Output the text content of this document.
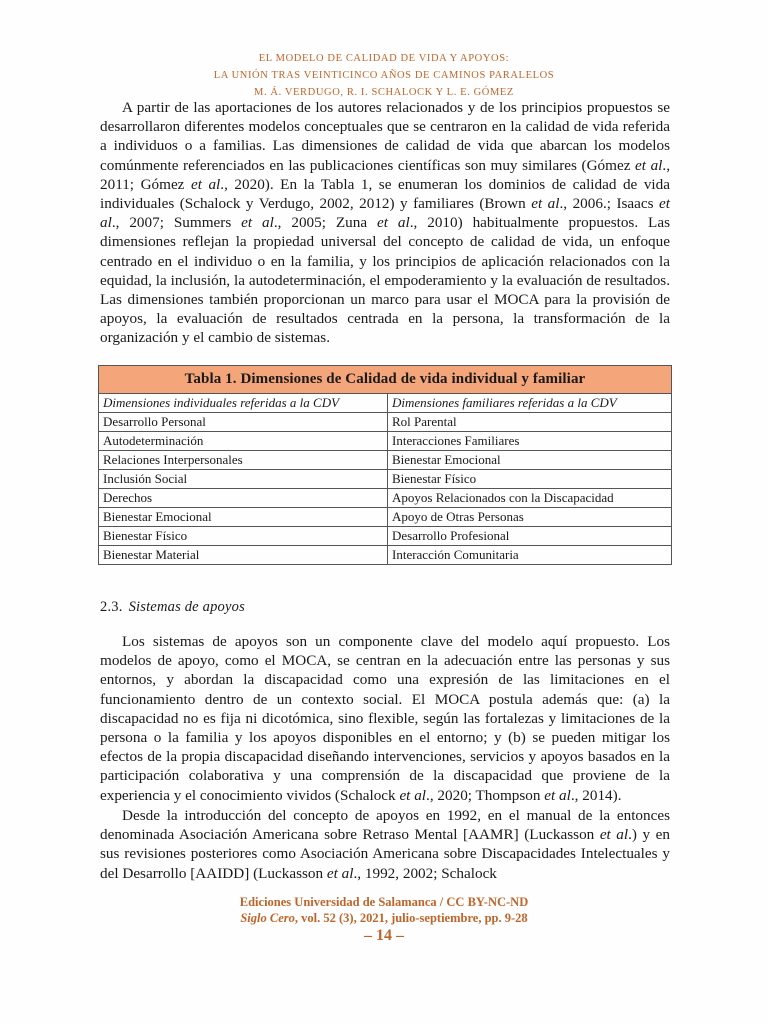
EL MODELO DE CALIDAD DE VIDA Y APOYOS:
LA UNIÓN TRAS VEINTICINCO AÑOS DE CAMINOS PARALELOS
M. Á. VERDUGO, R. I. SCHALOCK Y L. E. GÓMEZ

A partir de las aportaciones de los autores relacionados y de los principios propuestos se desarrollaron diferentes modelos conceptuales que se centraron en la calidad de vida referida a individuos o a familias. Las dimensiones de calidad de vida que abarcan los modelos comúnmente referenciados en las publicaciones científicas son muy similares (Gómez et al., 2011; Gómez et al., 2020). En la Tabla 1, se enumeran los dominios de calidad de vida individuales (Schalock y Verdugo, 2002, 2012) y familiares (Brown et al., 2006.; Isaacs et al., 2007; Summers et al., 2005; Zuna et al., 2010) habitualmente propuestos. Las dimensiones reflejan la propiedad universal del concepto de calidad de vida, un enfoque centrado en el individuo o en la familia, y los principios de aplicación relacionados con la equidad, la inclusión, la autodeterminación, el empoderamiento y la evaluación de resultados. Las dimensiones también proporcionan un marco para usar el MOCA para la provisión de apoyos, la evaluación de resultados centrada en la persona, la transformación de la organización y el cambio de sistemas.

Tabla 1. Dimensiones de Calidad de vida individual y familiar	
Dimensiones individuales referidas a la CDV	Dimensiones familiares referidas a la CDV
Desarrollo Personal	Rol Parental
Autodeterminación	Interacciones Familiares
Relaciones Interpersonales	Bienestar Emocional
Inclusión Social	Bienestar Físico
Derechos	Apoyos Relacionados con la Discapacidad
Bienestar Emocional	Apoyo de Otras Personas
Bienestar Físico	Desarrollo Profesional
Bienestar Material	Interacción Comunitaria
2.3. Sistemas de apoyos

Los sistemas de apoyos son un componente clave del modelo aquí propuesto. Los modelos de apoyo, como el MOCA, se centran en la adecuación entre las personas y sus entornos, y abordan la discapacidad como una expresión de las limitaciones en el funcionamiento dentro de un contexto social. El MOCA postula además que: (a) la discapacidad no es fija ni dicotómica, sino flexible, según las fortalezas y limitaciones de la persona o la familia y los apoyos disponibles en el entorno; y (b) se pueden mitigar los efectos de la propia discapacidad diseñando intervenciones, servicios y apoyos basados en la participación colaborativa y una comprensión de la discapacidad que proviene de la experiencia y el conocimiento vividos (Schalock et al., 2020; Thompson et al., 2014).

Desde la introducción del concepto de apoyos en 1992, en el manual de la entonces denominada Asociación Americana sobre Retraso Mental [AAMR] (Luckasson et al.) y en sus revisiones posteriores como Asociación Americana sobre Discapacidades Intelectuales y del Desarrollo [AAIDD] (Luckasson et al., 1992, 2002; Schalock

Ediciones Universidad de Salamanca / CC BY-NC-ND
Siglo Cero, vol. 52 (3), 2021, julio-septiembre, pp. 9-28
– 14 –
